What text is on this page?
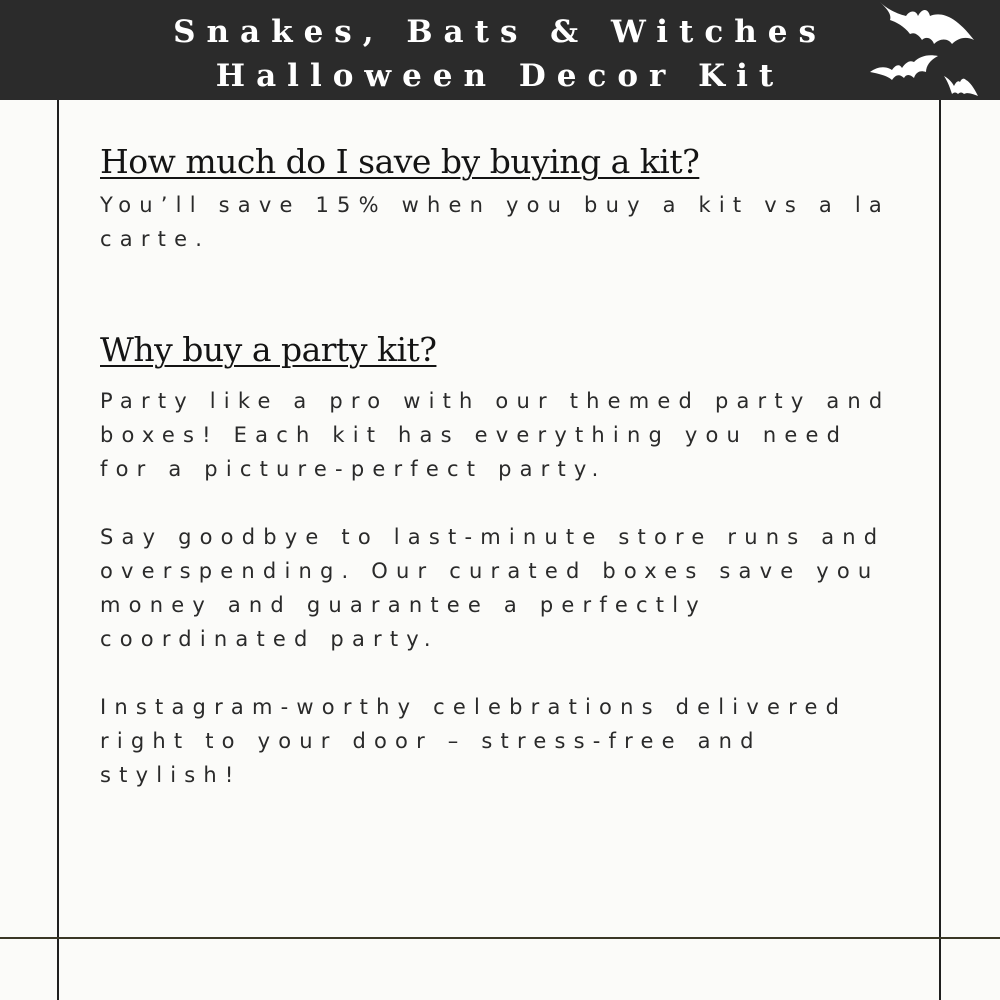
Snakes, Bats & Witches
Halloween Decor Kit
How much do I save by buying a kit?

You’ll save 15% when you buy a kit vs a la carte.

Why buy a party kit?

Party like a pro with our themed party and boxes! Each kit has everything you need for a picture-perfect party.

Say goodbye to last-minute store runs and overspending. Our curated boxes save you money and guarantee a perfectly coordinated party.

Instagram-worthy celebrations delivered right to your door – stress-free and stylish!
